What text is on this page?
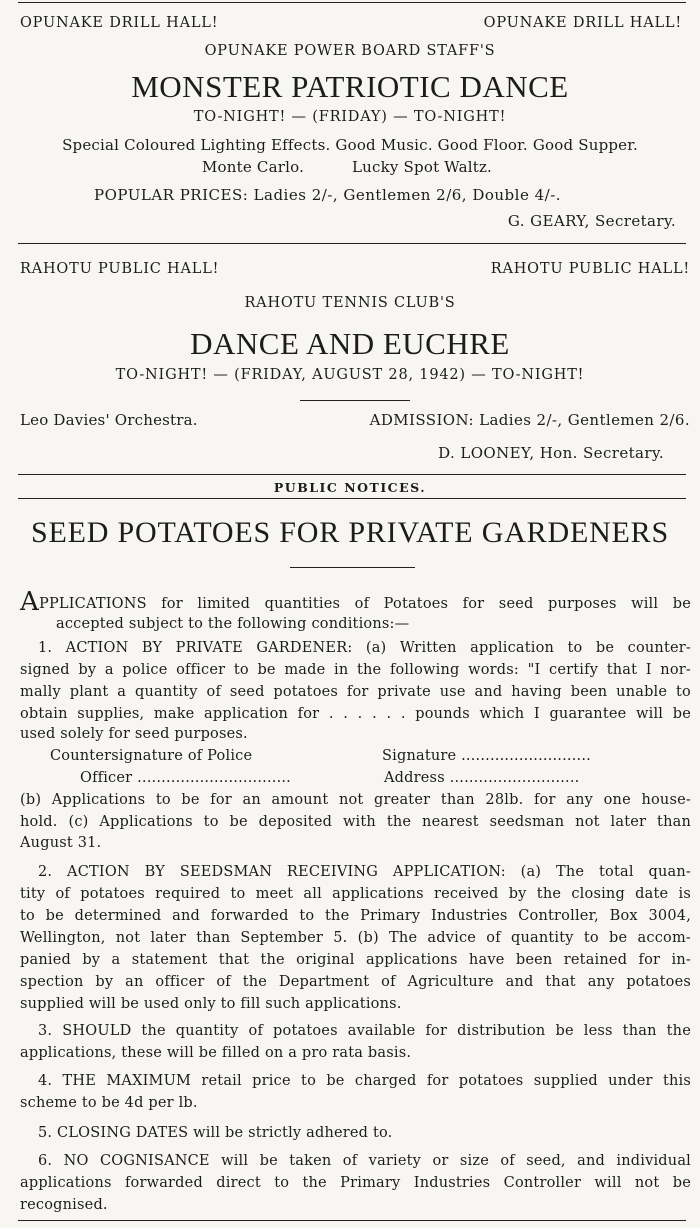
OPUNAKE DRILL HALL!	OPUNAKE DRILL HALL!
OPUNAKE POWER BOARD STAFF'S
MONSTER PATRIOTIC DANCE
TO-NIGHT! — (FRIDAY) — TO-NIGHT!
Special Coloured Lighting Effects. Good Music. Good Floor. Good Supper.
Monte Carlo.	Lucky Spot Waltz.
POPULAR PRICES: Ladies 2/-, Gentlemen 2/6, Double 4/-.
G. GEARY, Secretary.
RAHOTU PUBLIC HALL!	RAHOTU PUBLIC HALL!
RAHOTU TENNIS CLUB'S
DANCE AND EUCHRE
TO-NIGHT! — (FRIDAY, AUGUST 28, 1942) — TO-NIGHT!
Leo Davies' Orchestra.	ADMISSION: Ladies 2/-, Gentlemen 2/6.
D. LOONEY, Hon. Secretary.
PUBLIC NOTICES.
SEED POTATOES FOR PRIVATE GARDENERS
APPLICATIONS for limited quantities of Potatoes for seed purposes will be
accepted subject to the following conditions:—
1. ACTION BY PRIVATE GARDENER: (a) Written application to be counter-
signed by a police officer to be made in the following words: "I certify that I nor-
mally plant a quantity of seed potatoes for private use and having been unable to
obtain supplies, make application for . . . . . . pounds which I guarantee will be
used solely for seed purposes.
Countersignature of Police	Signature ...........................
Officer ................................	Address ...........................
(b) Applications to be for an amount not greater than 28lb. for any one house-
hold. (c) Applications to be deposited with the nearest seedsman not later than
August 31.
2. ACTION BY SEEDSMAN RECEIVING APPLICATION: (a) The total quan-
tity of potatoes required to meet all applications received by the closing date is
to be determined and forwarded to the Primary Industries Controller, Box 3004,
Wellington, not later than September 5. (b) The advice of quantity to be accom-
panied by a statement that the original applications have been retained for in-
spection by an officer of the Department of Agriculture and that any potatoes
supplied will be used only to fill such applications.
3. SHOULD the quantity of potatoes available for distribution be less than the
applications, these will be filled on a pro rata basis.
4. THE MAXIMUM retail price to be charged for potatoes supplied under this
scheme to be 4d per lb.
5. CLOSING DATES will be strictly adhered to.
6. NO COGNISANCE will be taken of variety or size of seed, and individual
applications forwarded direct to the Primary Industries Controller will not be
recognised.
